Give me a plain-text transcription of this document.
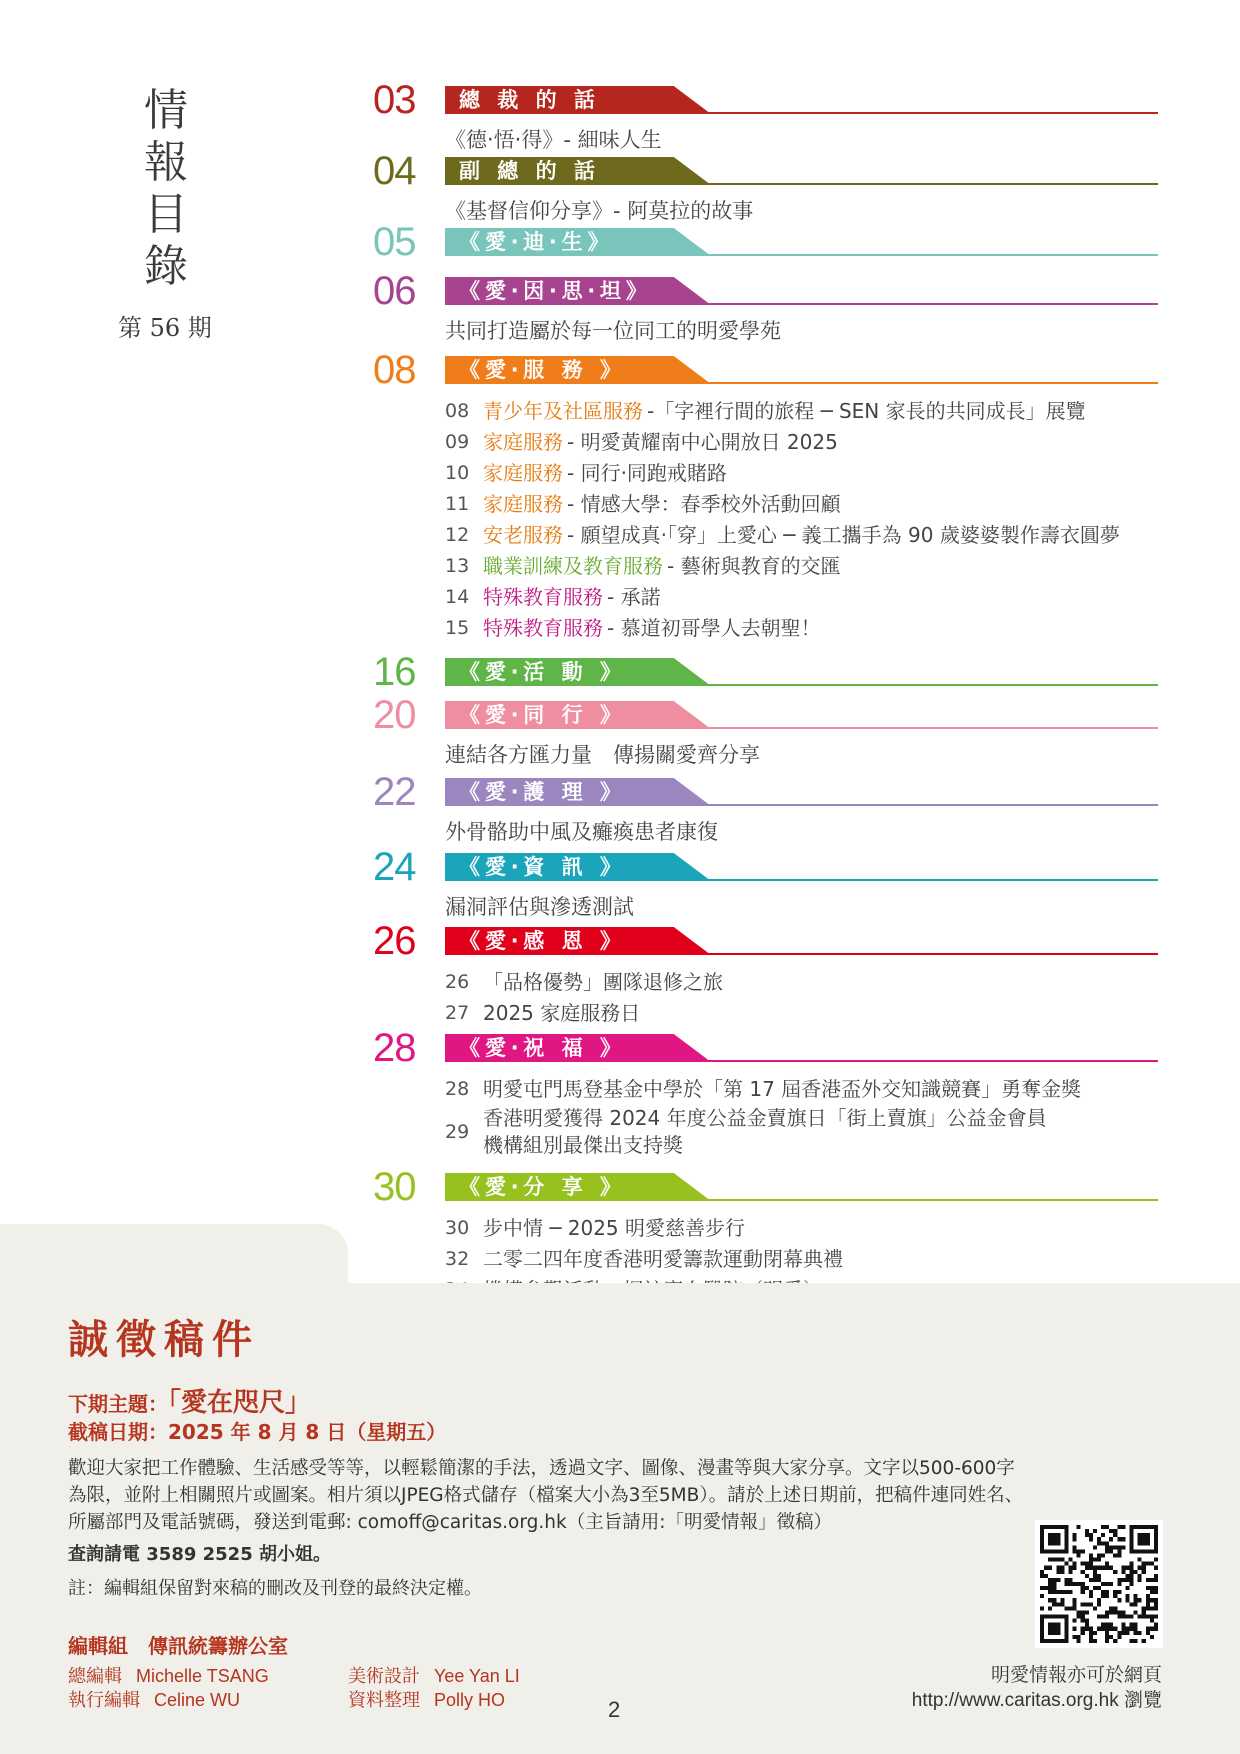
情
報
目
錄
第 56 期
03 總 裁 的 話
《德‧悟‧得》- 細味人生
04 副 總 的 話
《基督信仰分享》- 阿莫拉的故事
05 《愛‧迪‧生》
06 《愛‧因‧思‧坦》
共同打造屬於每一位同工的明愛學苑
08 《愛‧服 務 》
08 青少年及社區服務 -「字裡行間的旅程 ─ SEN 家長的共同成長」展覽
09 家庭服務 - 明愛黃耀南中心開放日 2025
10 家庭服務 - 同行‧同跑戒賭路
11 家庭服務 - 情感大學：春季校外活動回顧
12 安老服務 - 願望成真‧「穿」上愛心 ─ 義工攜手為 90 歲婆婆製作壽衣圓夢
13 職業訓練及教育服務 - 藝術與教育的交匯
14 特殊教育服務 - 承諾
15 特殊教育服務 - 慕道初哥學人去朝聖！
16 《愛‧活 動 》
20 《愛‧同 行 》
連結各方匯力量　傳揚關愛齊分享
22 《愛‧護 理 》
外骨骼助中風及癱瘓患者康復
24 《愛‧資 訊 》
漏洞評估與滲透測試
26 《愛‧感 恩 》
26 「品格優勢」團隊退修之旅
27 2025 家庭服務日
28 《愛‧祝 福 》
28 明愛屯門馬登基金中學於「第 17 屆香港盃外交知識競賽」勇奪金獎
29
香港明愛獲得 2024 年度公益金賣旗日「街上賣旗」公益金會員
機構組別最傑出支持獎
30 《愛‧分 享 》
30 步中情 ─ 2025 明愛慈善步行
32 二零二四年度香港明愛籌款運動閉幕典禮
誠徵稿件
下期主題：「愛在咫尺」
截稿日期：2025 年 8 月 8 日（星期五）

歡迎大家把工作體驗、生活感受等等，以輕鬆簡潔的手法，透過文字、圖像、漫畫等與大家分享。文字以500-600字

為限，並附上相關照片或圖案。相片須以JPEG格式儲存（檔案大小為3至5MB）。請於上述日期前，把稿件連同姓名、

所屬部門及電話號碼，發送到電郵: comoff@caritas.org.hk（主旨請用:「明愛情報」徵稿）

查詢請電 3589 2525 胡小姐。
註：編輯組保留對來稿的刪改及刊登的最終決定權。
編輯組　傳訊統籌辦公室
總編輯 Michelle TSANG
執行編輯 Celine WU
美術設計 Yee Yan LI
資料整理 Polly HO	2
明愛情報亦可於網頁
http://www.caritas.org.hk 瀏覽
